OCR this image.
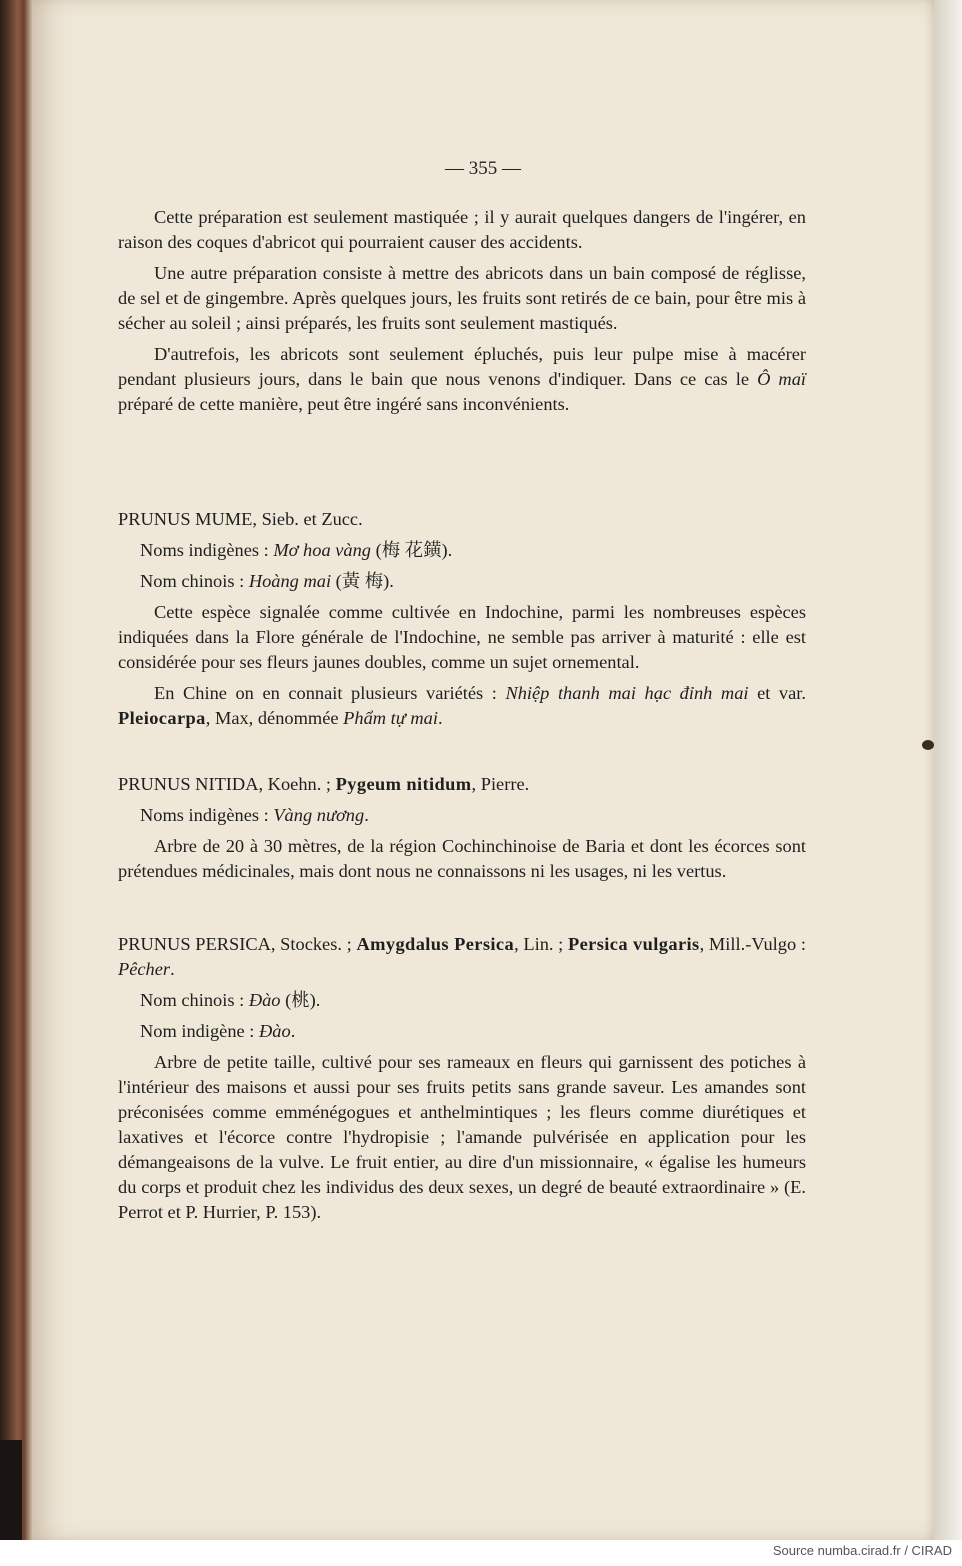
— 355 —

Cette préparation est seulement mastiquée ; il y aurait quelques dangers de l'ingérer, en raison des coques d'abricot qui pourraient causer des accidents.

Une autre préparation consiste à mettre des abricots dans un bain composé de réglisse, de sel et de gingembre. Après quelques jours, les fruits sont retirés de ce bain, pour être mis à sécher au soleil ; ainsi préparés, les fruits sont seulement mastiqués.

D'autrefois, les abricots sont seulement épluchés, puis leur pulpe mise à macérer pendant plusieurs jours, dans le bain que nous venons d'indiquer. Dans ce cas le Ô maï préparé de cette manière, peut être ingéré sans inconvénients.

PRUNUS MUME, Sieb. et Zucc.

Noms indigènes : Mơ hoa vàng (梅 花鐄).

Nom chinois : Hoàng mai (黃 梅).

Cette espèce signalée comme cultivée en Indochine, parmi les nombreuses espèces indiquées dans la Flore générale de l'Indochine, ne semble pas arriver à maturité : elle est considérée pour ses fleurs jaunes doubles, comme un sujet ornemental.

En Chine on en connait plusieurs variétés : Nhiệp thanh mai hạc đỉnh mai et var. Pleiocarpa, Max, dénommée Phẩm tự mai.

PRUNUS NITIDA, Koehn. ; Pygeum nitidum, Pierre.

Noms indigènes : Vàng nương.

Arbre de 20 à 30 mètres, de la région Cochinchinoise de Baria et dont les écorces sont prétendues médicinales, mais dont nous ne connaissons ni les usages, ni les vertus.

PRUNUS PERSICA, Stockes. ; Amygdalus Persica, Lin. ; Persica vulgaris, Mill.-Vulgo : Pêcher.

Nom chinois : Đào (桃).

Nom indigène : Đào.

Arbre de petite taille, cultivé pour ses rameaux en fleurs qui garnissent des potiches à l'intérieur des maisons et aussi pour ses fruits petits sans grande saveur. Les amandes sont préconisées comme emménégogues et anthelmintiques ; les fleurs comme diurétiques et laxatives et l'écorce contre l'hydropisie ; l'amande pulvérisée en application pour les démangeaisons de la vulve. Le fruit entier, au dire d'un missionnaire, « égalise les humeurs du corps et produit chez les individus des deux sexes, un degré de beauté extraordinaire » (E. Perrot et P. Hurrier, P. 153).

Source numba.cirad.fr / CIRAD
